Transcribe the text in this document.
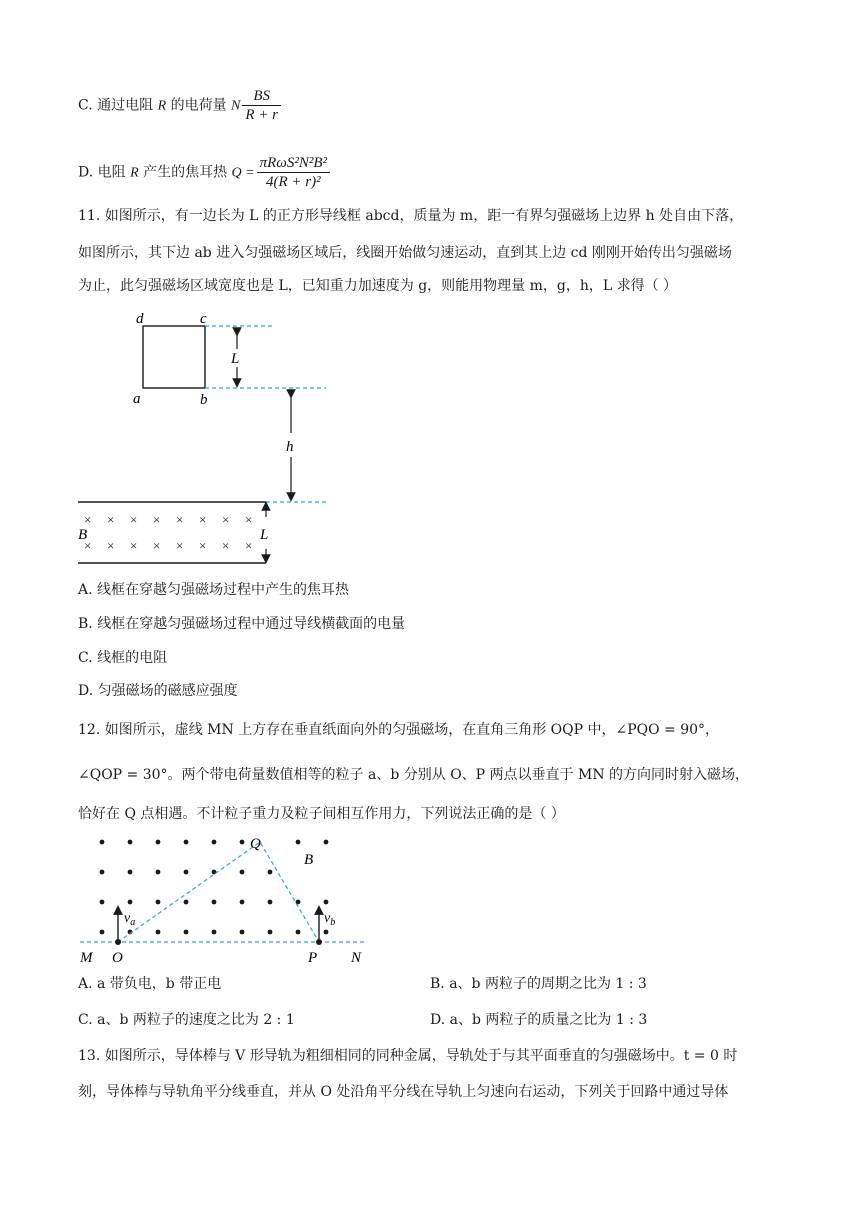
C. 通过电阻 R 的电荷量 N $\frac{BS}{R + r}$
D. 电阻 R 产生的焦耳热 $Q = \frac{\text{πRωS²N²B²}}{\text{4(R + r)²}}$
11. 如图所示，有一边长为 L 的正方形导线框 abcd，质量为 m，距一有界匀强磁场上边界 h 处自由下落，
如图所示，其下边 ab 进入匀强磁场区域后，线圈开始做匀速运动，直到其上边 cd 刚刚开始传出匀强磁场
为止，此匀强磁场区域宽度也是 L，已知重力加速度为 g，则能用物理量 m，g，h，L 求得（ ）
d	c
a	b
L
h
× × × × × × × ×
× × × × × × × ×
B	L
A. 线框在穿越匀强磁场过程中产生的焦耳热
B. 线框在穿越匀强磁场过程中通过导线横截面的电量
C. 线框的电阻
D. 匀强磁场的磁感应强度
12. 如图所示，虚线 MN 上方存在垂直纸面向外的匀强磁场，在直角三角形 OQP 中，∠PQO = 90°，
∠QOP = 30°。两个带电荷量数值相等的粒子 a、b 分别从 O、P 两点以垂直于 MN 的方向同时射入磁场，
恰好在 Q 点相遇。不计粒子重力及粒子间相互作用力，下列说法正确的是（ ）
Q
B
$v_a$	$v_b$
M O	P N
A. a 带负电，b 带正电	B. a、b 两粒子的周期之比为 1 : 3
C. a、b 两粒子的速度之比为 2 : 1	D. a、b 两粒子的质量之比为 1 : 3
13. 如图所示，导体棒与 V 形导轨为粗细相同的同种金属，导轨处于与其平面垂直的匀强磁场中。t = 0 时
刻，导体棒与导轨角平分线垂直，并从 O 处沿角平分线在导轨上匀速向右运动，下列关于回路中通过导体
